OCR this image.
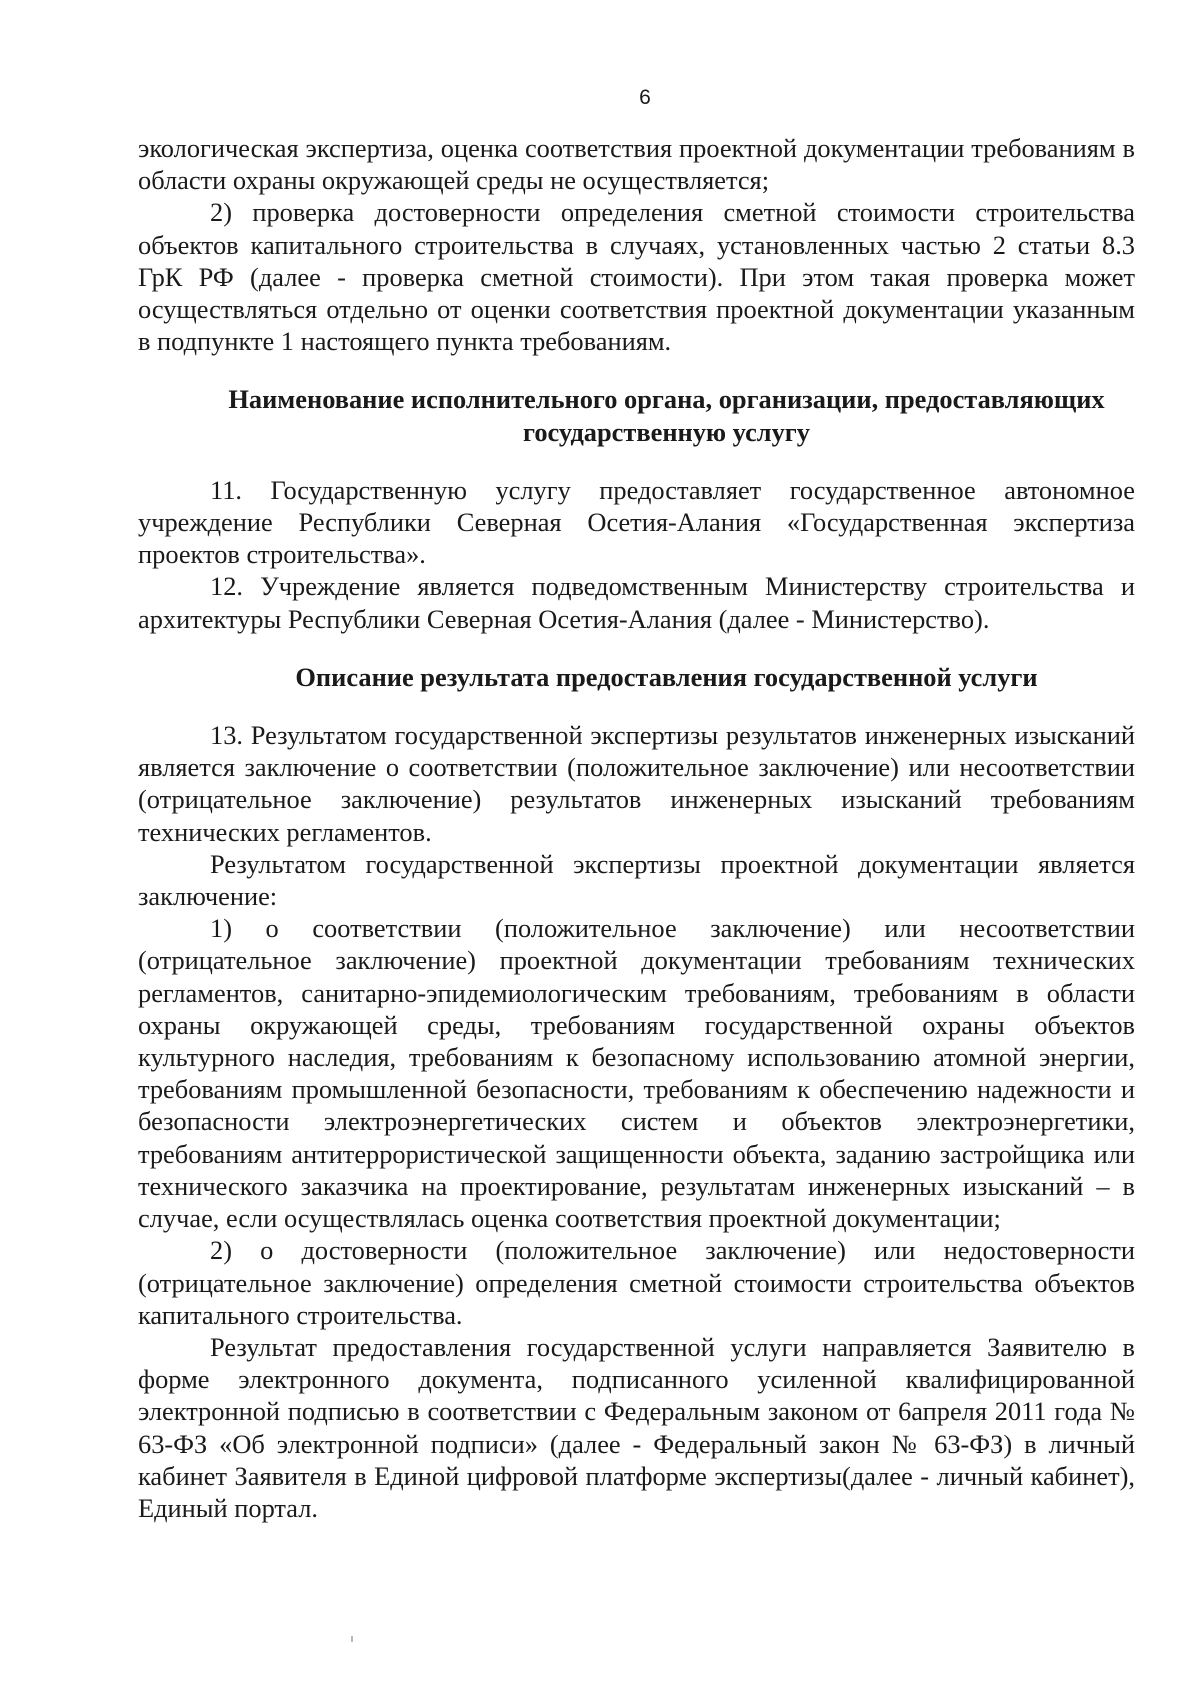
6

экологическая экспертиза, оценка соответствия проектной документации требованиям в области охраны окружающей среды не осуществляется;

2) проверка достоверности определения сметной стоимости строительства объектов капитального строительства в случаях, установленных частью 2 статьи 8.3 ГрК РФ (далее - проверка сметной стоимости). При этом такая проверка может осуществляться отдельно от оценки соответствия проектной документации указанным в подпункте 1 настоящего пункта требованиям.

Наименование исполнительного органа, организации, предоставляющих государственную услугу

11. Государственную услугу предоставляет государственное автономное учреждение Республики Северная Осетия-Алания «Государственная экспертиза проектов строительства».

12. Учреждение является подведомственным Министерству строительства и архитектуры Республики Северная Осетия-Алания (далее - Министерство).

Описание результата предоставления государственной услуги

13. Результатом государственной экспертизы результатов инженерных изысканий является заключение о соответствии (положительное заключение) или несоответствии (отрицательное заключение) результатов инженерных изысканий требованиям технических регламентов.

Результатом государственной экспертизы проектной документации является заключение:

1) о соответствии (положительное заключение) или несоответствии (отрицательное заключение) проектной документации требованиям технических регламентов, санитарно-эпидемиологическим требованиям, требованиям в области охраны окружающей среды, требованиям государственной охраны объектов культурного наследия, требованиям к безопасному использованию атомной энергии, требованиям промышленной безопасности, требованиям к обеспечению надежности и безопасности электроэнергетических систем и объектов электроэнергетики, требованиям антитеррористической защищенности объекта, заданию застройщика или технического заказчика на проектирование, результатам инженерных изысканий – в случае, если осуществлялась оценка соответствия проектной документации;

2) о достоверности (положительное заключение) или недостоверности (отрицательное заключение) определения сметной стоимости строительства объектов капитального строительства.

Результат предоставления государственной услуги направляется Заявителю в форме электронного документа, подписанного усиленной квалифицированной электронной подписью в соответствии с Федеральным законом от 6апреля 2011 года № 63-ФЗ «Об электронной подписи» (далее - Федеральный закон № 63-ФЗ) в личный кабинет Заявителя в Единой цифровой платформе экспертизы(далее - личный кабинет), Единый портал.
